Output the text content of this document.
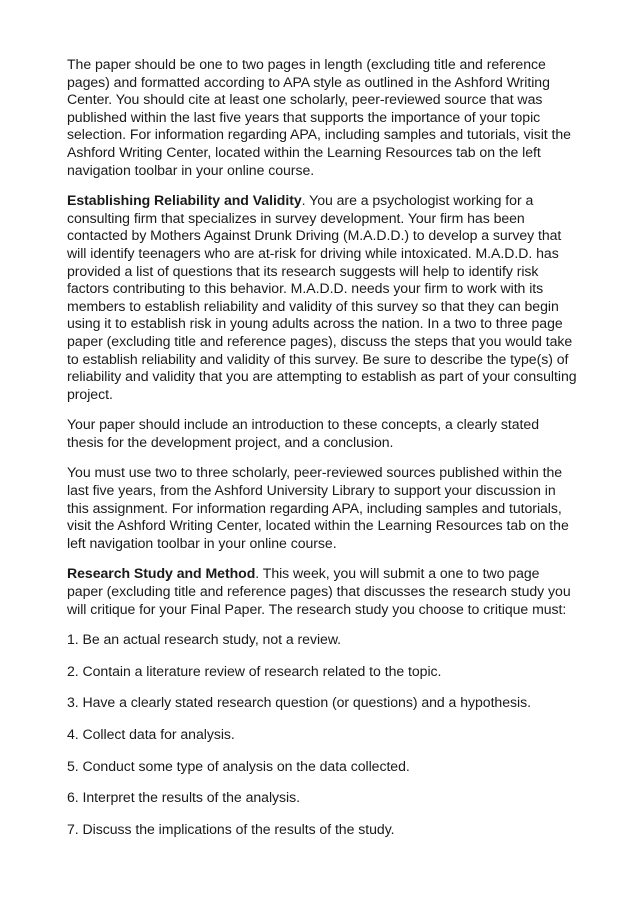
The paper should be one to two pages in length (excluding title and reference pages) and formatted according to APA style as outlined in the Ashford Writing Center. You should cite at least one scholarly, peer-reviewed source that was published within the last five years that supports the importance of your topic selection. For information regarding APA, including samples and tutorials, visit the Ashford Writing Center, located within the Learning Resources tab on the left navigation toolbar in your online course.

Establishing Reliability and Validity. You are a psychologist working for a consulting firm that specializes in survey development. Your firm has been contacted by Mothers Against Drunk Driving (M.A.D.D.) to develop a survey that will identify teenagers who are at-risk for driving while intoxicated. M.A.D.D. has provided a list of questions that its research suggests will help to identify risk factors contributing to this behavior. M.A.D.D. needs your firm to work with its members to establish reliability and validity of this survey so that they can begin using it to establish risk in young adults across the nation. In a two to three page paper (excluding title and reference pages), discuss the steps that you would take to establish reliability and validity of this survey. Be sure to describe the type(s) of reliability and validity that you are attempting to establish as part of your consulting project.

Your paper should include an introduction to these concepts, a clearly stated thesis for the development project, and a conclusion.

You must use two to three scholarly, peer-reviewed sources published within the last five years, from the Ashford University Library to support your discussion in this assignment. For information regarding APA, including samples and tutorials, visit the Ashford Writing Center, located within the Learning Resources tab on the left navigation toolbar in your online course.

Research Study and Method. This week, you will submit a one to two page paper (excluding title and reference pages) that discusses the research study you will critique for your Final Paper. The research study you choose to critique must:

1. Be an actual research study, not a review.

2. Contain a literature review of research related to the topic.

3. Have a clearly stated research question (or questions) and a hypothesis.

4. Collect data for analysis.

5. Conduct some type of analysis on the data collected.

6. Interpret the results of the analysis.

7. Discuss the implications of the results of the study.
